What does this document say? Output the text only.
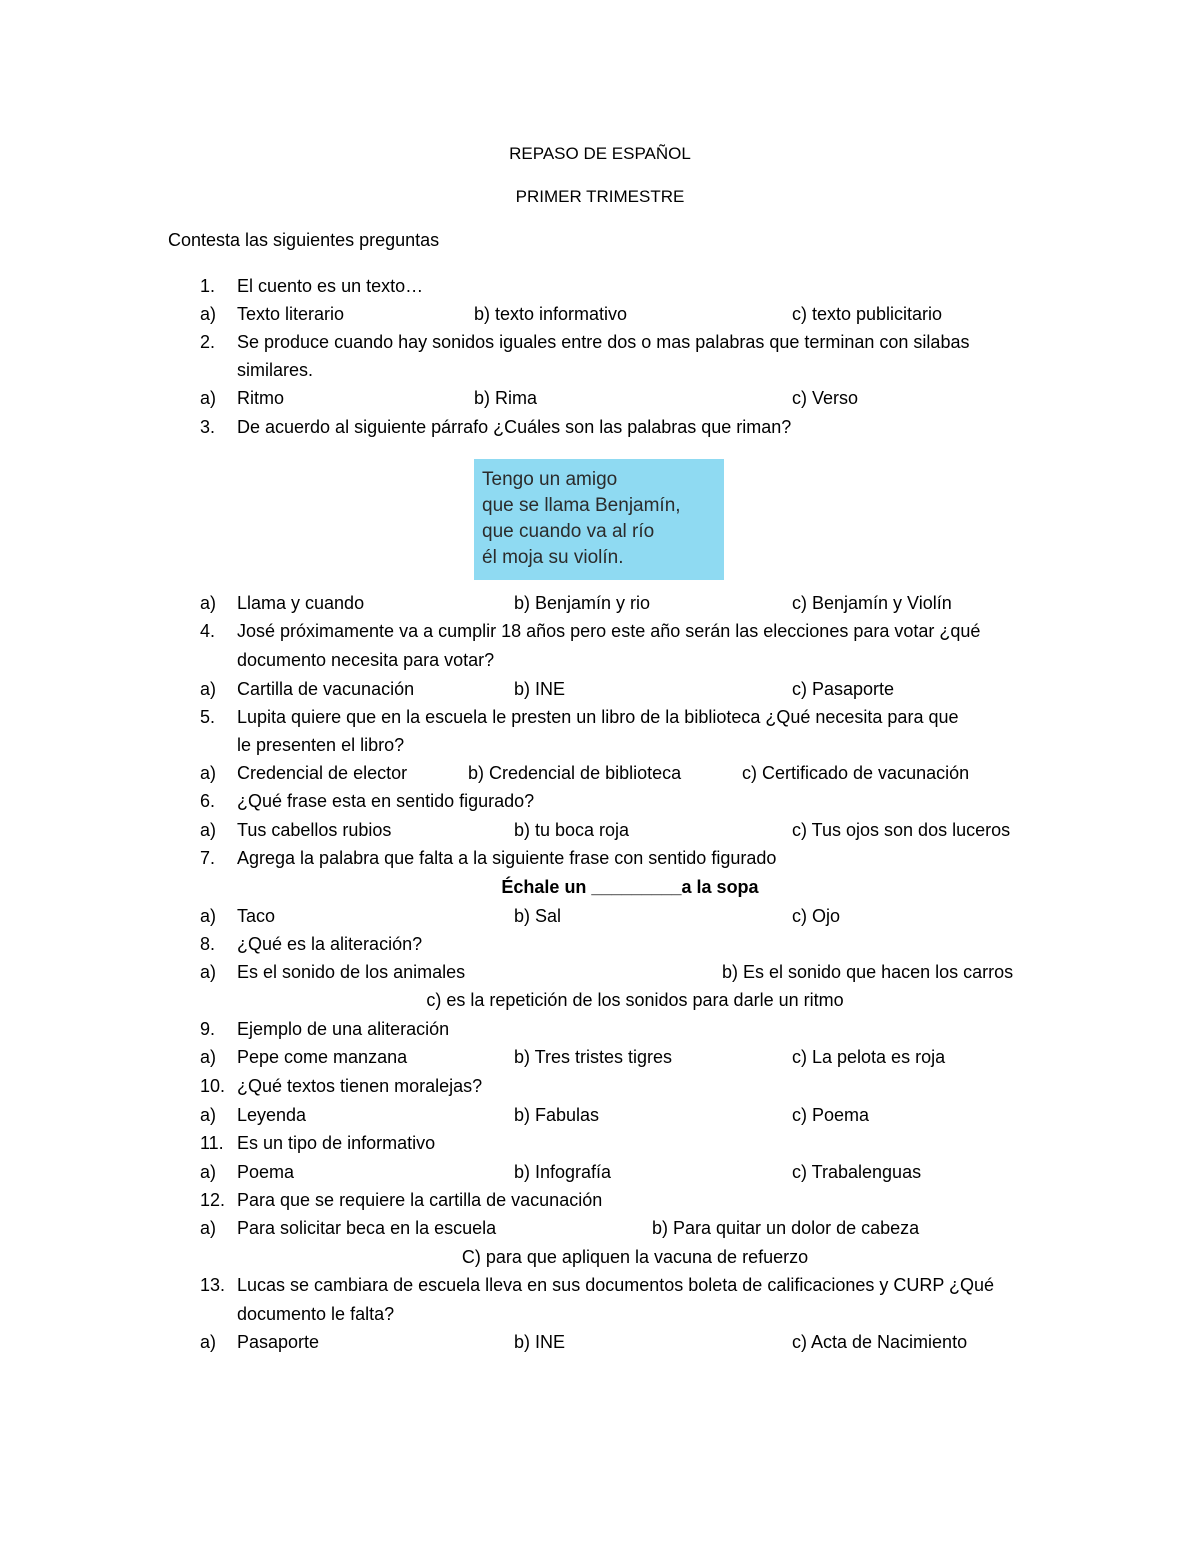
REPASO DE ESPAÑOL
PRIMER TRIMESTRE
Contesta las siguientes preguntas
1.	El cuento es un texto…
a)	Texto literario	b) texto informativo	c) texto publicitario
2.	Se produce cuando hay sonidos iguales entre dos o mas palabras que terminan con silabas
similares.
a)	Ritmo	b) Rima	c) Verso
3.	De acuerdo al siguiente párrafo ¿Cuáles son las palabras que riman?
Tengo un amigo
que se llama Benjamín,
que cuando va al río
él moja su violín.
a)	Llama y cuando	b) Benjamín y rio	c) Benjamín y Violín
4.	José próximamente va a cumplir 18 años pero este año serán las elecciones para votar ¿qué
documento necesita para votar?
a)	Cartilla de vacunación	b) INE	c) Pasaporte
5.	Lupita quiere que en la escuela le presten un libro de la biblioteca ¿Qué necesita para que
le presenten el libro?
a)	Credencial de elector	b) Credencial de biblioteca	c) Certificado de vacunación
6.	¿Qué frase esta en sentido figurado?
a)	Tus cabellos rubios	b) tu boca roja	c) Tus ojos son dos luceros
7.	Agrega la palabra que falta a la siguiente frase con sentido figurado
Échale un _________a la sopa
a)	Taco	b) Sal	c) Ojo
8.	¿Qué es la aliteración?
a)	Es el sonido de los animales	b) Es el sonido que hacen los carros
c) es la repetición de los sonidos para darle un ritmo
9.	Ejemplo de una aliteración
a)	Pepe come manzana	b) Tres tristes tigres	c) La pelota es roja
10. ¿Qué textos tienen moralejas?
a)	Leyenda	b) Fabulas	c) Poema
11. Es un tipo de informativo
a)	Poema	b) Infografía	c) Trabalenguas
12. Para que se requiere la cartilla de vacunación
a)	Para solicitar beca en la escuela	b) Para quitar un dolor de cabeza
C) para que apliquen la vacuna de refuerzo
13. Lucas se cambiara de escuela lleva en sus documentos boleta de calificaciones y CURP ¿Qué
documento le falta?
a)	Pasaporte	b) INE	c) Acta de Nacimiento
